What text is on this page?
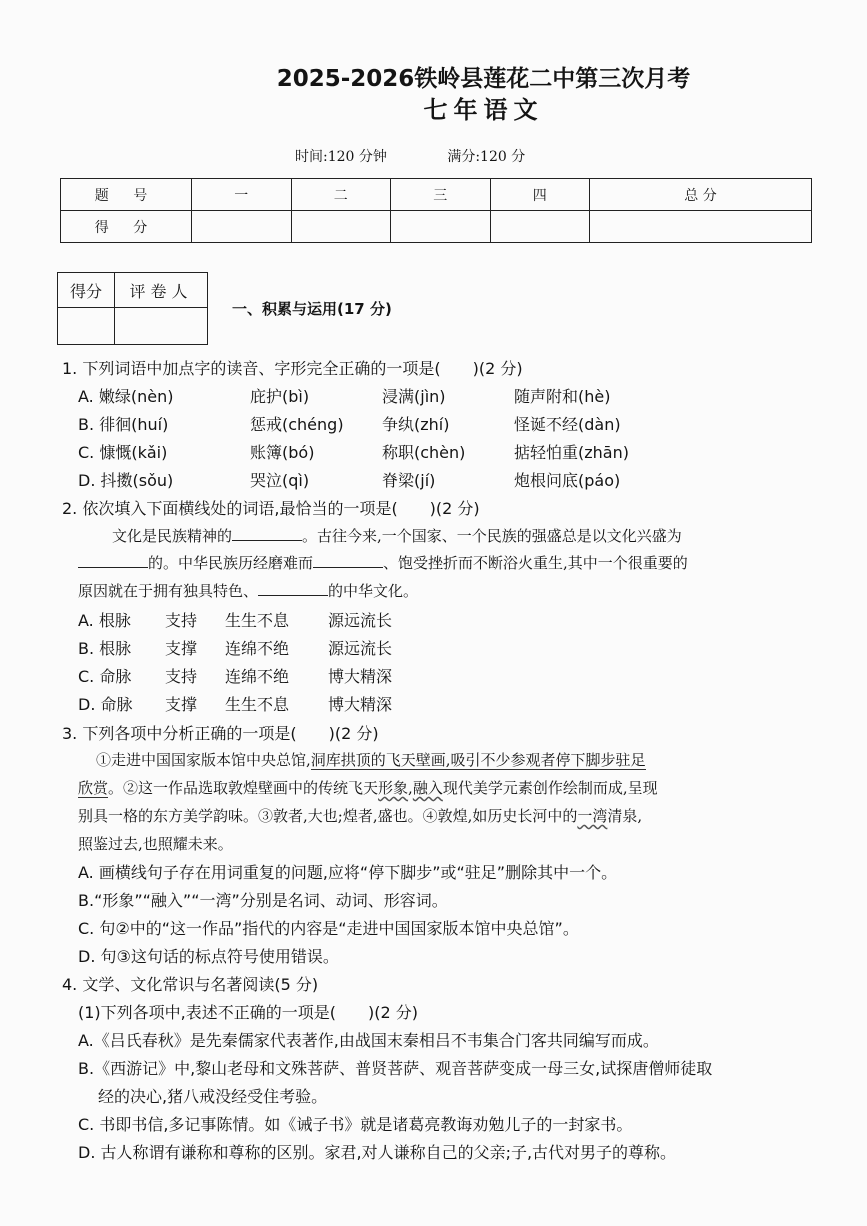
2025-2026铁岭县莲花二中第三次月考
七年语文
时间:120 分钟	满分:120 分
题 号	一	二	三	四	总 分
得 分					
得分	评卷人

一、积累与运用(17 分)
1. 下列词语中加点字的读音、字形完全正确的一项是(　　)(2 分)
A. 嫩绿(nèn)	庇护(bì)	浸满(jìn)	随声附和(hè)
B. 徘徊(huí)	惩戒(chéng) 争纨(zhí)	怪诞不经(dàn)
C. 慷慨(kǎi)	账簿(bó)	称职(chèn)	掂轻怕重(zhān)
D. 抖擞(sǒu)	哭泣(qì)	脊梁(jí)	炮根问底(páo)
2. 依次填入下面横线处的词语,最恰当的一项是(　　)(2 分)
文化是民族精神的	。古往今来,一个国家、一个民族的强盛总是以文化兴盛为
的。中华民族历经磨难而	、饱受挫折而不断浴火重生,其中一个很重要的
原因就在于拥有独具特色、	的中华文化。
A. 根脉 支持 生生不息 源远流长
B. 根脉 支撑 连绵不绝 源远流长
C. 命脉 支持 连绵不绝 博大精深
D. 命脉 支撑 生生不息 博大精深
3. 下列各项中分析正确的一项是(　　)(2 分)
①走进中国国家版本馆中央总馆,洞库拱顶的飞天壁画,吸引不少参观者停下脚步驻足
欣赏。②这一作品选取敦煌壁画中的传统飞天形象,融入现代美学元素创作绘制而成,呈现
别具一格的东方美学韵味。③敦者,大也;煌者,盛也。④敦煌,如历史长河中的一湾清泉,
照鉴过去,也照耀未来。
A. 画横线句子存在用词重复的问题,应将“停下脚步”或“驻足”删除其中一个。
B.“形象”“融入”“一湾”分别是名词、动词、形容词。
C. 句②中的“这一作品”指代的内容是“走进中国国家版本馆中央总馆”。
D. 句③这句话的标点符号使用错误。
4. 文学、文化常识与名著阅读(5 分)
(1)下列各项中,表述不正确的一项是(　　)(2 分)
A.《吕氏春秋》是先秦儒家代表著作,由战国末秦相吕不韦集合门客共同编写而成。
B.《西游记》中,黎山老母和文殊菩萨、普贤菩萨、观音菩萨变成一母三女,试探唐僧师徒取
经的决心,猪八戒没经受住考验。
C. 书即书信,多记事陈情。如《诫子书》就是诸葛亮教诲劝勉儿子的一封家书。
D. 古人称谓有谦称和尊称的区别。家君,对人谦称自己的父亲;子,古代对男子的尊称。
